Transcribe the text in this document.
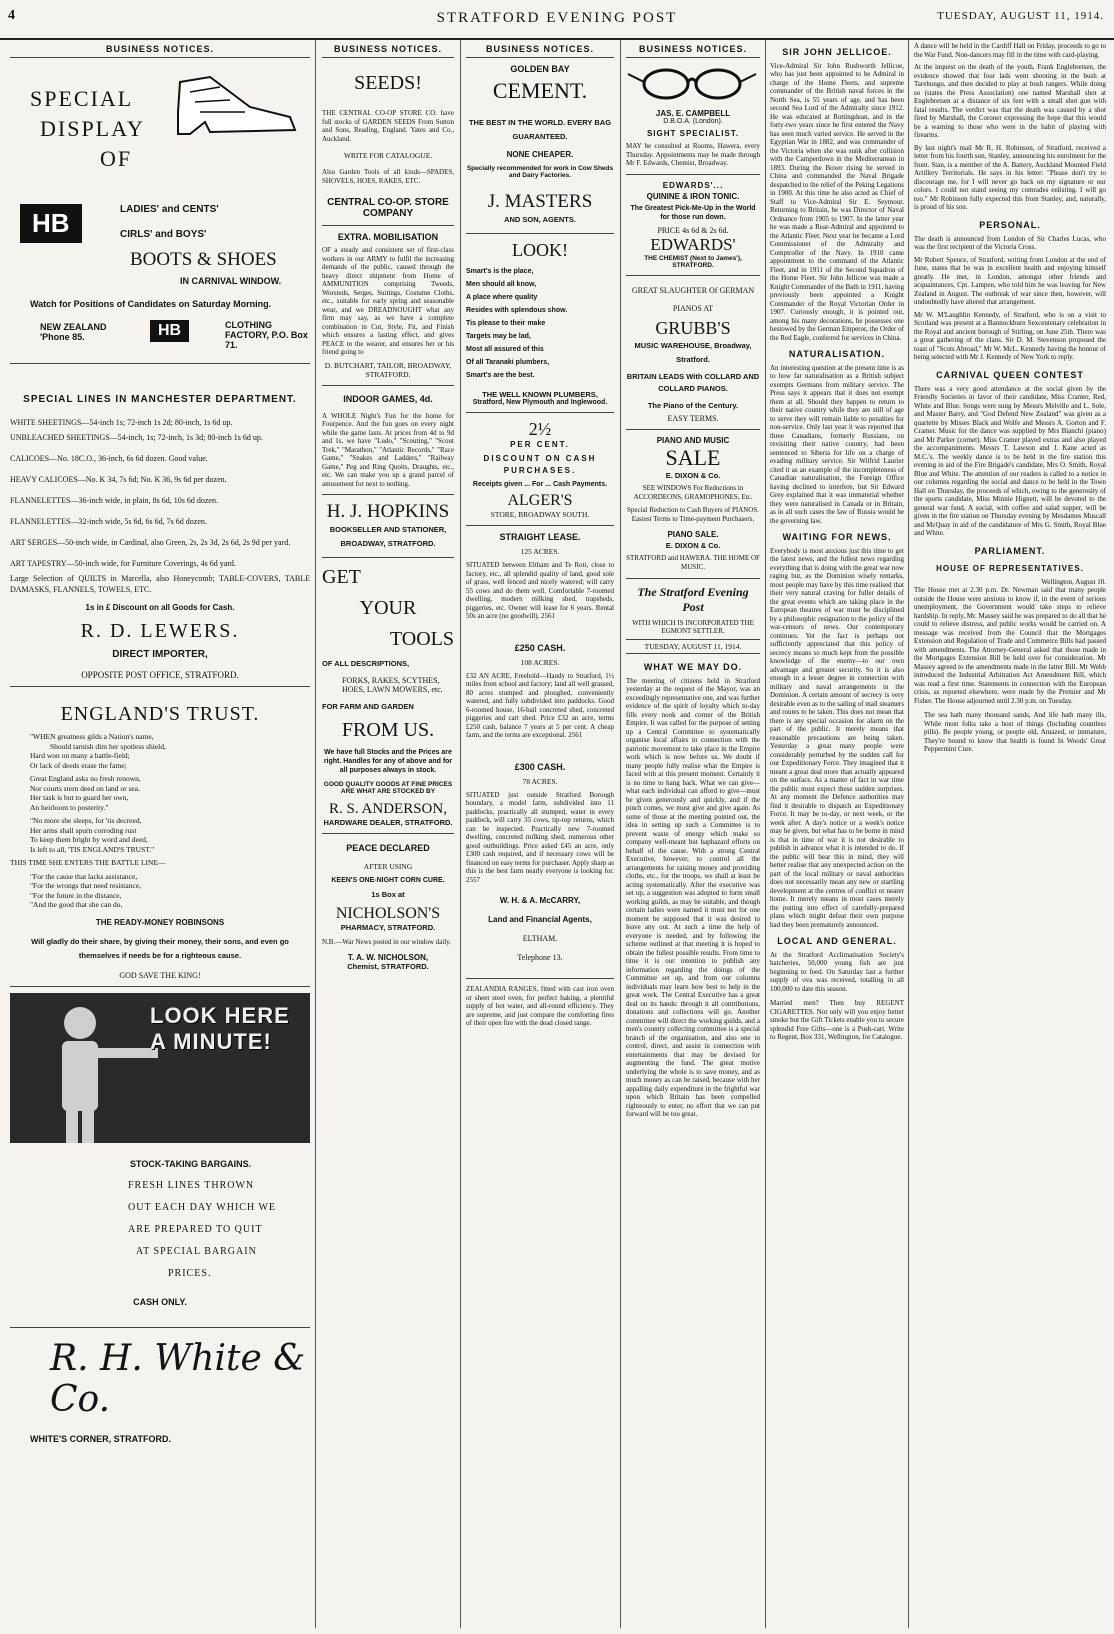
4	STRATFORD EVENING POST	TUESDAY, AUGUST 11, 1914.
BUSINESS NOTICES.
SPECIAL
DISPLAY
OF
HB	LADIES' and CENTS'
CIRLS' and BOYS'
BOOTS & SHOES
IN CARNIVAL WINDOW.
Watch for Positions of Candidates on Saturday Morning.
NEW ZEALAND 'Phone 85.	HB	CLOTHING FACTORY, P.O. Box 71.
SPECIAL LINES IN MANCHESTER DEPARTMENT.

WHITE SHEETINGS—54-inch 1s; 72-inch 1s 2d; 80-inch, 1s 6d up.

UNBLEACHED SHEETINGS—54-inch, 1s; 72-inch, 1s 3d; 80-inch 1s 6d up.

CALICOES—No. 18C.O., 36-inch, 6s 6d dozen. Good value.

HEAVY CALICOES—No. K 34, 7s 6d; No. K 36, 9s 6d per dozen.

FLANNELETTES—36-inch wide, in plain, 8s 6d, 10s 6d dozen.

FLANNELETTES—32-inch wide, 5s 6d, 6s 6d, 7s 6d dozen.

ART SERGES—50-inch wide, in Cardinal, also Green, 2s, 2s 3d, 2s 6d, 2s 9d per yard.

ART TAPESTRY—50-inch wide, for Furniture Coverings, 4s 6d yard.

Large Selection of QUILTS in Marcella, also Honeycomb; TABLE-COVERS, TABLE DAMASKS, FLANNELS, TOWELS, ETC.

1s in £ Discount on all Goods for Cash.
R. D. LEWERS.
DIRECT IMPORTER,
OPPOSITE POST OFFICE, STRATFORD.
ENGLAND'S TRUST.
"WHEN greatness gilds a Nation's name,
Should tarnish dim her spotless shield,
Hard won on many a battle-field;
Or lack of deeds erase the fame;
Great England asks no fresh renown,
Nor courts stern deed on land or sea.
Her task is but to guard her own,
An heirloom to posterity."
"No more she sleeps, for 'tis decreed,
Her arms shall spurn corroding rust
To keep them bright by word and deed,
Is left to all, 'TIS ENGLAND'S TRUST."
THIS TIME SHE ENTERS THE BATTLE LINE—
"For the cause that lacks assistance,
"For the wrongs that need resistance,
"For the future in the distance,
"And the good that she can do.
THE READY-MONEY ROBINSONS
Will gladly do their share, by giving their money, their sons, and even go themselves if needs be for a righteous cause.
GOD SAVE THE KING!
LOOK HERE A MINUTE!
STOCK-TAKING BARGAINS.
FRESH LINES THROWN
OUT EACH DAY WHICH WE
ARE PREPARED TO QUIT
AT SPECIAL BARGAIN
PRICES.
CASH ONLY.
R. H. White & Co.
WHITE'S CORNER, STRATFORD.
BUSINESS NOTICES.
SEEDS!
THE CENTRAL CO-OP STORE CO. have full stocks of GARDEN SEEDS From Sutton and Sons, Reading, England. Yates and Co., Auckland.
WRITE FOR CATALOGUE.
Also Garden Tools of all kinds—SPADES, SHOVELS, HOES, RAKES, ETC.
CENTRAL CO-OP. STORE COMPANY
EXTRA. MOBILISATION
OF a steady and consistent set of first-class workers in our ARMY to fulfil the increasing demands of the public, caused through the heavy direct shipment from Home of AMMUNITION comprising Tweeds, Worsteds, Serges, Suitings, Costume Cloths, etc., suitable for early spring and seasonable wear, and we DREADNOUGHT what any firm may say, as we have a complete combination in Cut, Style, Fit, and Finish which ensures a lasting effect, and gives PEACE to the wearer, and ensures her or his friend going to
D. BUTCHART, TAILOR, BROADWAY, STRATFORD.
INDOOR GAMES, 4d.
A WHOLE Night's Fun for the home for Fourpence. And the fun goes on every night while the game lasts. At prices from 4d to 9d and 1s, we have "Ludo," "Scouting," "Scout Trek," "Marathon," "Atlantic Records," "Race Game," "Snakes and Ladders," "Railway Game," Peg and Ring Quoits, Draughts, etc., etc. We can make you up a grand parcel of amusement for next to nothing.
H. J. HOPKINS
BOOKSELLER AND STATIONER, BROADWAY, STRATFORD.
GET
YOUR
TOOLS
OF ALL DESCRIPTIONS,
FORKS, RAKES, SCYTHES, HOES, LAWN MOWERS, etc.
FOR FARM AND GARDEN
FROM US.
We have full Stocks and the Prices are right. Handles for any of above and for all purposes always in stock.
GOOD QUALITY GOODS AT FINE PRICES ARE WHAT ARE STOCKED BY
R. S. ANDERSON,
HARDWARE DEALER, STRATFORD.
PEACE DECLARED
AFTER USING
KEEN'S ONE-NIGHT CORN CURE.
1s Box at
NICHOLSON'S
PHARMACY, STRATFORD.
N.B.—War News posted in our window daily.
T. A. W. NICHOLSON,
Chemist, STRATFORD.
BUSINESS NOTICES.
GOLDEN BAY
CEMENT.
THE BEST IN THE WORLD. EVERY BAG GUARANTEED.
NONE CHEAPER.
Specially recommended for work in Cow Sheds and Dairy Factories.
J. MASTERS
AND SON, AGENTS.
LOOK!
Smart's is the place,
Men should all know,
A place where quality
Resides with splendous show.
Tis please to their make
Targets may be lad,
Most all assured of this
Of all Taranaki plumbers,
Smart's are the best.
THE WELL KNOWN PLUMBERS,
Stratford, New Plymouth and Inglewood.
2½
PER CENT.
DISCOUNT ON CASH PURCHASES.
Receipts given ... For ... Cash Payments.
ALGER'S
STORE, BROADWAY SOUTH.
STRAIGHT LEASE.
125 ACRES.
SITUATED between Eltham and Te Roti, close to factory, etc., all splendid quality of land, good sole of grass, well fenced and nicely watered; will carry 55 cows and do them well. Comfortable 7-roomed dwelling, modern milking shed, trapsheds, piggeries, etc. Owner will lease for 6 years. Rental 50s an acre (no goodwill). 2561
£250 CASH.
108 ACRES.
£32 AN ACRE, Freehold—Handy to Stratford, 1½ miles from school and factory; land all well grassed, 80 acres stumped and ploughed, conveniently watered, and fully subdivided into paddocks. Good 6-roomed house, 16-bail concreted shed, concreted piggeries and cart shed. Price £32 an acre, terms £250 cash, balance 7 years at 5 per cent. A cheap farm, and the terms are exceptional. 2561
£300 CASH.
78 ACRES.
SITUATED just outside Stratford Borough boundary, a model farm, subdivided into 11 paddocks, practically all stumped, water in every paddock, will carry 35 cows, tip-top returns, which can be inspected. Practically new 7-roomed dwelling, concreted milking shed, numerous other good outbuildings. Price asked £45 an acre, only £300 cash required, and if necessary cows will be financed on easy terms for purchaser. Apply sharp as this is the best farm nearly everyone is looking for. 2557
W. H. & A. McCARRY,
Land and Financial Agents,
ELTHAM.
Telephone 13.
ZEALANDIA RANGES, fitted with cast iron oven or sheet steel oven, for perfect baking, a plentiful supply of hot water, and all-round efficiency. They are supreme, and just compare the comforting fires of their open fire with the dead closed range.
BUSINESS NOTICES.
JAS. E. CAMPBELL
D.B.O.A. (London).
SIGHT SPECIALIST.
MAY be consulted at Rooms, Hawera, every Thursday. Appointments may be made through Mr F. Edwards, Chemist, Broadway.
EDWARDS'...
QUININE & IRON TONIC.
The Greatest Pick-Me-Up in the World for those run down.
PRICE 4s 6d & 2s 6d.
EDWARDS'
THE CHEMIST (Next to James'), STRATFORD.
GREAT SLAUGHTER Of GERMAN PIANOS AT
GRUBB'S
MUSIC WAREHOUSE, Broadway, Stratford.
BRITAIN LEADS With COLLARD AND COLLARD PIANOS.
The Piano of the Century.
EASY TERMS.
PIANO AND MUSIC
SALE
E. DIXON & Co.
SEE WINDOWS For Reductions in ACCORDEONS, GRAMOPHONES, Etc.
Special Reduction to Cash Buyers of PIANOS. Easiest Terms to Time-payment Purchasers.
PIANO SALE.
E. DIXON & Co.
STRATFORD and HAWERA. THE HOME OF MUSIC.
The Stratford Evening Post
WITH WHICH IS INCORPORATED THE EGMONT SETTLER.
TUESDAY, AUGUST 11, 1914.
WHAT WE MAY DO.
The meeting of citizens held in Stratford yesterday at the request of the Mayor, was an exceedingly representative one, and was further evidence of the spirit of loyalty which to-day fills every nook and corner of the British Empire. It was called for the purpose of setting up a Central Committee to systematically organise local affairs in connection with the patriotic movement to take place in the Empire work which is now before us. We doubt if many people fully realise what the Empire is faced with at this present moment. Certainly it is no time to hang back. What we can give—what each individual can afford to give—must be given generously and quickly, and if the pinch comes, we must give and give again. As some of those at the meeting pointed out, the idea in setting up such a Committee is to prevent waste of energy which make so company well-meant but haphazard efforts on behalf of the cause. With a strong Central Executive, however, to control all the arrangements for raising money and providing cloths, etc., for the troops, we shall at least be acting systematically. After the executive was set up, a suggestion was adopted to form small working guilds, as may be suitable, and though certain ladies were named it must not for one moment be supposed that it was desired to leave any out. At such a time the help of everyone is needed, and by following the scheme outlined at that meeting it is hoped to obtain the fullest possible results. From time to time it is our intention to publish any information regarding the doings of the Committee set up, and from our columns individuals may learn how best to help in the great work. The Central Executive has a great deal on its hands: through it all contributions, donations and collections will go. Another committee will direct the working guilds, and a men's country collecting committee is a special branch of the organisation, and also one to control, direct, and assist in connection with entertainments that may be devised for augmenting the fund. The great motive underlying the whole is to save money, and as much money as can be raised, because with her appalling daily expenditure in the frightful war upon which Britain has been compelled righteously to enter, no effort that we can put forward will be too great.
SIR JOHN JELLICOE.
Vice-Admiral Sir John Rushworth Jellicoe, who has just been appointed to be Admiral in charge of the Home Fleets, and supreme commander of the British naval forces in the North Sea, is 55 years of age, and has been second Sea Lord of the Admiralty since 1912. He was educated at Rottingdean, and in the forty-two years since he first entered the Navy has seen much varied service. He served in the Egyptian War in 1882, and was commander of the Victoria when she was sunk after collision with the Camperdown in the Mediterranean in 1893. During the Boxer rising he served in China and commanded the Naval Brigade despatched to the relief of the Peking Legations in 1900. At this time he also acted as Chief of Staff to Vice-Admiral Sir E. Seymour. Returning to Britain, he was Director of Naval Ordnance from 1905 to 1907. In the latter year he was made a Rear-Admiral and appointed to the Atlantic Fleet. Next year he became a Lord Commissioner of the Admiralty and Comptroller of the Navy. In 1910 came appointment to the command of the Atlantic Fleet, and in 1911 of the Second Squadron of the Home Fleet. Sir John Jellicoe was made a Knight Commander of the Bath in 1911, having previously been appointed a Knight Commander of the Royal Victorian Order in 1907. Curiously enough, it is pointed out, among his many decorations, he possesses one bestowed by the German Emperor, the Order of the Red Eagle, conferred for services in China.
NATURALISATION.
An interesting question at the present time is as to how far naturalisation as a British subject exempts Germans from military service. The Press says it appears that it does not exempt them at all. Should they happen to return to their native country while they are still of age to serve they will remain liable to penalties for non-service. Only last year it was reported that three Canadians, formerly Russians, on revisiting their native country, had been sentenced to Siberia for life on a charge of evading military service. Sir Wilfrid Laurier cited it as an example of the incompleteness of Canadian naturalisation, the Foreign Office having declined to interfere, but Sir Edward Grey explained that it was immaterial whether they were naturalised in Canada or in Britain, as in all such cases the law of Russia would be the governing law.
WAITING FOR NEWS.
Everybody is most anxious just this time to get the latest news, and the fullest news regarding everything that is doing with the great war now raging but, as the Dominion wisely remarks, most people may have by this time realised that their very natural craving for fuller details of the great events which are taking place in the European theatres of war must be disciplined by a philosophic resignation to the policy of the war-censors of news. Our contemporary continues: Yet the fact is perhaps not sufficiently appreciated that this policy of secrecy means so much kept from the possible knowledge of the enemy—to our own advantage and greater security. So it is also enough in a lesser degree in connection with military and naval arrangements in the Dominion. A certain amount of secrecy is very desirable even as to the sailing of mail steamers and routes to be taken. This does not mean that there is any special occasion for alarm on the part of the public. It merely means that reasonable precautions are being taken. Yesterday a great many people were considerably perturbed by the sudden call for our Expeditionary Force. They imagined that it meant a great deal more than actually appeared on the surface. As a matter of fact in war time the public must expect these sudden surprises. At any moment the Defence authorities may find it desirable to dispatch an Expeditionary Force. It may be to-day, or next week, or the week after. A day's notice or a week's notice may be given, but what has to be borne in mind is that in time of war it is not desirable to publish in advance what it is intended to do. If the public will bear this in mind, they will better realise that any unexpected action on the part of the local military or naval authorities does not necessarily mean any new or startling development at the centres of conflict or nearer home. It merely means in most cases merely the putting into effect of carefully-prepared plans which might defeat their own purpose had they been prematurely announced.
LOCAL AND GENERAL.
At the Stratford Acclimatisation Society's hatcheries, 50,000 young fish are just beginning to feed. On Saturday last a further supply of ova was received, totalling in all 100,000 to date this season.
Married men? Then buy REGENT CIGARETTES. Not only will you enjoy better smoke but the Gift Tickets enable you to secure splendid Free Gifts—one is a Push-cart. Write to Regent, Box 331, Wellington, for Catalogue.
A dance will be held in the Cardiff Hall on Friday, proceeds to go to the War Fund. Non-dancers may fill in the time with card-playing.
At the inquest on the death of the youth, Frank Englebretsen, the evidence showed that four lads went shooting in the bush at Tarehungu, and then decided to play at bush rangers. While doing so (states the Press Association) one named Marshall shot at Englebretsen at a distance of six feet with a small shot gun with fatal results. The verdict was that the death was caused by a shot fired by Marshall, the Coroner expressing the hope that this would be a warning to those who were in the habit of playing with firearms.
By last night's mail Mr R. H. Robinson, of Stratford, received a letter from his fourth son, Stanley, announcing his enrolment for the front. Stan, is a member of the A. Battery, Auckland Mounted Field Artillery Territorials. He says in his letter: "Please don't try to discourage me, for I will never go back on my signature or our colors. I could not stand seeing my comrades enlisting. I will go too." Mr Robinson fully expected this from Stanley, and, naturally, is proud of his son.
PERSONAL.
The death is announced from London of Sir Charles Lucas, who was the first recipient of the Victoria Cross.
Mr Robert Spence, of Stratford, writing from London at the end of June, states that he was in excellent health and enjoying himself greatly. He met, in London, amongst other friends and acquaintances, Cpt. Lampen, who told him he was leaving for New Zealand in August. The outbreak of war since then, however, will undoubtedly have altered that arrangement.
Mr W. M'Laughlin Kennedy, of Stratford, who is on a visit to Scotland was present at a Bannockburn Sexcentenary celebration in the Royal and ancient borough of Stirling, on June 25th. There was a great gathering of the clans. Sir D. M. Stevenson proposed the toast of "Scots Abroad," Mr W. McL. Kennedy having the honour of being selected with Mr J. Kennedy of New York to reply.
CARNIVAL QUEEN CONTEST
There was a very good attendance at the social given by the Friendly Societies in favor of their candidate, Miss Cramer, Red, White and Blue. Songs were sung by Messrs Melville and L. Sole, and Master Barry, and "God Defend New Zealand" was given as a quartette by Misses Black and Wolfe and Messrs A. Gorton and F. Cramer. Music for the dance was supplied by Mrs Bianchi (piano) and Mr Parker (cornet). Miss Cramer played extras and also played the accompaniments. Messrs T. Lawson and J. Kane acted as M.C.'s. The weekly dance is to be held in the fire station this evening in aid of the Fire Brigade's candidate, Mrs O. Smith, Royal Blue and White. The attention of our readers is called to a notice in our columns regarding the social and dance to be held in the Town Hall on Thursday, the proceeds of which, owing to the generosity of the sports candidate, Miss Minnie Hignett, will be devoted to the general war fund. A social, with coffee and salad supper, will be given in the fire station on Thursday evening by Mesdames Muscall and McQuay in aid of the candidature of Mrs G. Smith, Royal Blue and White.
PARLIAMENT.
HOUSE OF REPRESENTATIVES.
Wellington, August 10.
The House met at 2.30 p.m. Dr. Newman said that many people outside the House were anxious to know if, in the event of serious unemployment, the Government would take steps to relieve hardship. In reply, Mr. Massey said he was prepared to do all that he could to relieve distress, and public works would be carried on. A message was received from the Council that the Mortgages Extension and Regulation of Trade and Commerce Bills had passed with amendments. The Attorney-General asked that those made in the Mortgages Extension Bill be held over for consideration. Mr Massey agreed to the amendments made in the latter Bill. Mr Webb introduced the Industrial Arbitration Act Amendment Bill, which was read a first time. Statements in connection with the European crisis, as reported elsewhere, were made by the Premier and Mr Fisher. The House adjourned until 2.30 p.m. on Tuesday.
The sea hath many thousand sands, And life hath many ills, While most folks take a host of things (Including countless pills). Be people young, or people old, Amazed, or immature, They're bound to know that health is found In Woods' Great Peppermint Cure.
